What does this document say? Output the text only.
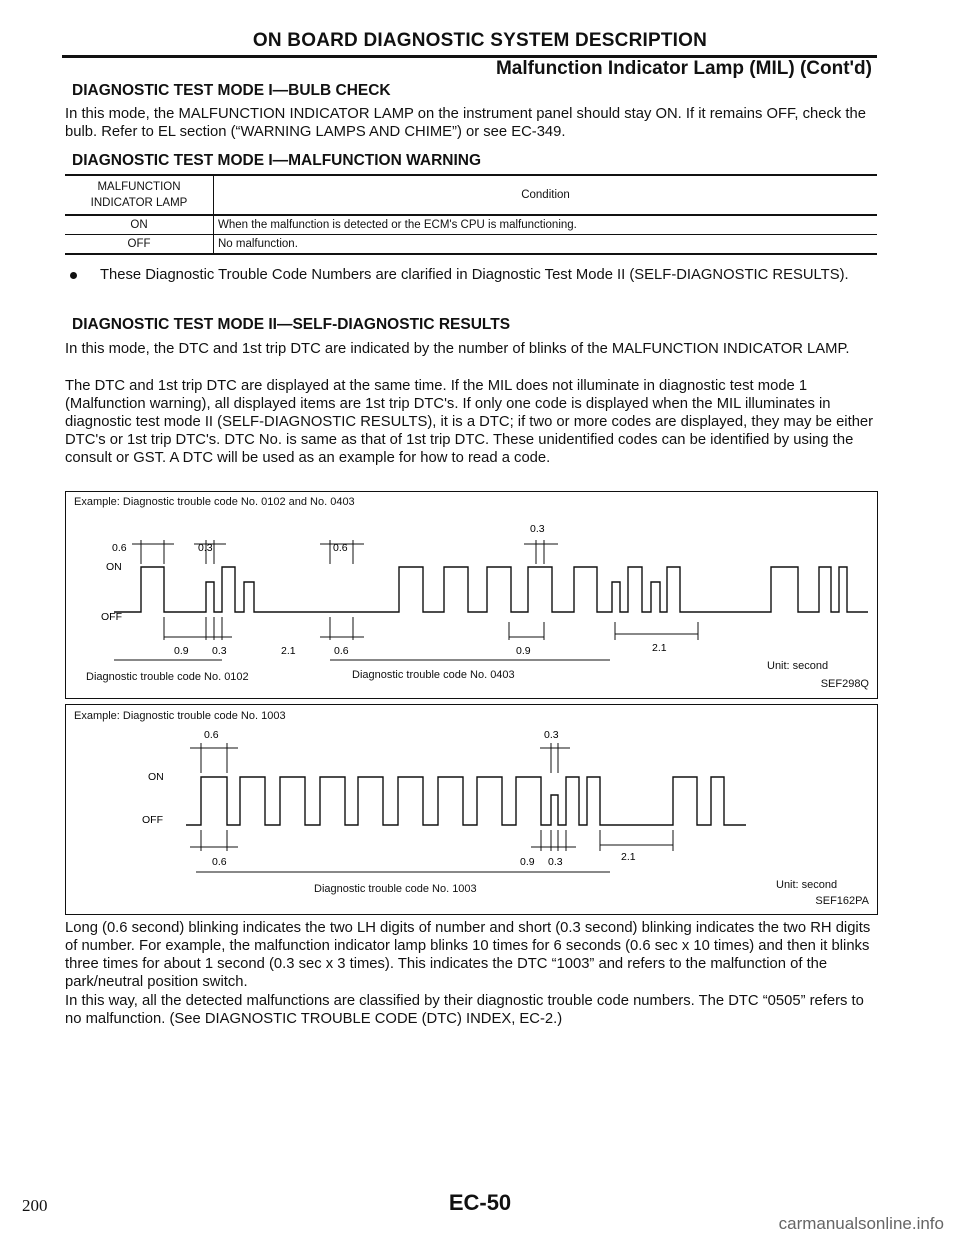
ON BOARD DIAGNOSTIC SYSTEM DESCRIPTION
Malfunction Indicator Lamp (MIL) (Cont'd)
DIAGNOSTIC TEST MODE I—BULB CHECK
In this mode, the MALFUNCTION INDICATOR LAMP on the instrument panel should stay ON. If it remains OFF, check the bulb. Refer to EL section (“WARNING LAMPS AND CHIME”) or see EC-349.
DIAGNOSTIC TEST MODE I—MALFUNCTION WARNING
MALFUNCTION
INDICATOR LAMP	Condition
ON	When the malfunction is detected or the ECM's CPU is malfunctioning.
OFF	No malfunction.
These Diagnostic Trouble Code Numbers are clarified in Diagnostic Test Mode II (SELF-DIAGNOSTIC RESULTS).
DIAGNOSTIC TEST MODE II—SELF-DIAGNOSTIC RESULTS
In this mode, the DTC and 1st trip DTC are indicated by the number of blinks of the MALFUNCTION INDICATOR LAMP.
The DTC and 1st trip DTC are displayed at the same time. If the MIL does not illuminate in diagnostic test mode 1 (Malfunction warning), all displayed items are 1st trip DTC's. If only one code is displayed when the MIL illuminates in diagnostic test mode II (SELF-DIAGNOSTIC RESULTS), it is a DTC; if two or more codes are displayed, they may be either DTC's or 1st trip DTC's. DTC No. is same as that of 1st trip DTC. These unidentified codes can be identified by using the consult or GST. A DTC will be used as an example for how to read a code.
0.6	0.3	0.6
0.3
ON
OFF
0.9 0.3	2.1	0.6	0.9	2.1
Example: Diagnostic trouble code No. 0102 and No. 0403
Diagnostic trouble code No. 0102	Diagnostic trouble code No. 0403
Unit: second
SEF298Q
0.6	0.3
ON
OFF
0.6	0.9 0.3	2.1
Example: Diagnostic trouble code No. 1003
Diagnostic trouble code No. 1003	Unit: second
SEF162PA
Long (0.6 second) blinking indicates the two LH digits of number and short (0.3 second) blinking indicates the two RH digits of number. For example, the malfunction indicator lamp blinks 10 times for 6 seconds (0.6 sec x 10 times) and then it blinks three times for about 1 second (0.3 sec x 3 times). This indicates the DTC “1003” and refers to the malfunction of the park/neutral position switch.
In this way, all the detected malfunctions are classified by their diagnostic trouble code numbers. The DTC “0505” refers to no malfunction. (See DIAGNOSTIC TROUBLE CODE (DTC) INDEX, EC-2.)
200	EC-50
carmanualsonline.info
